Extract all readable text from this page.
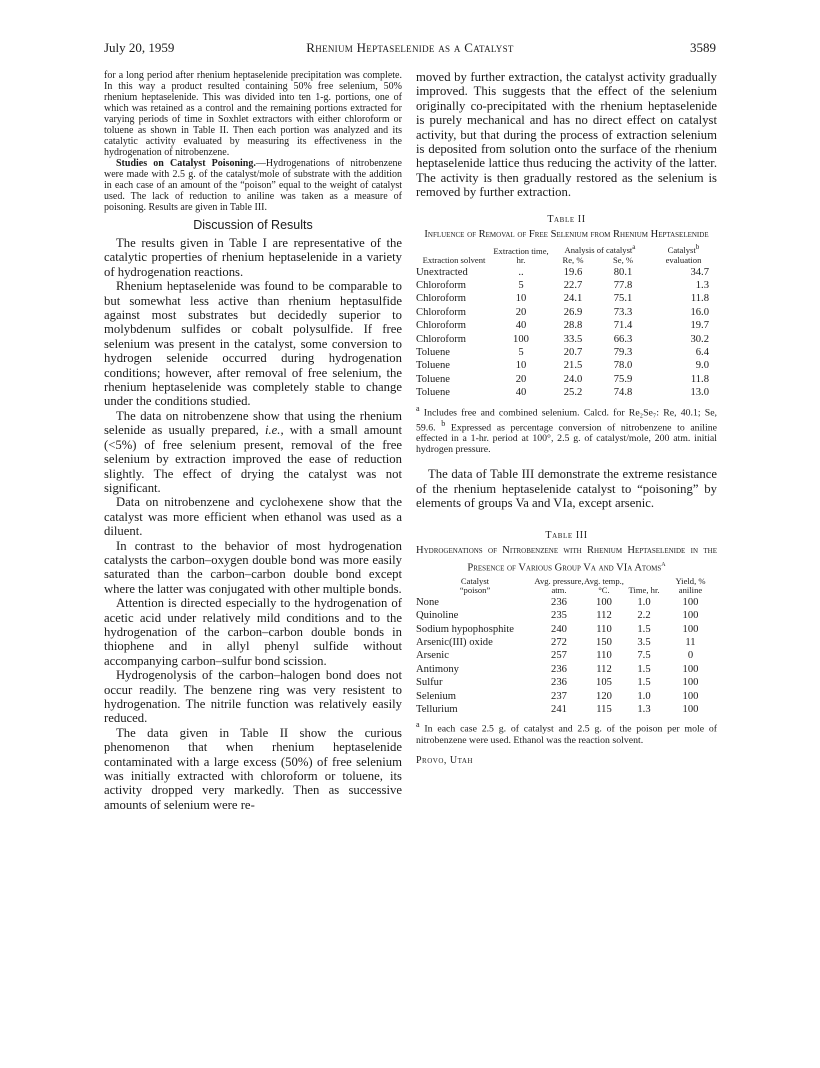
July 20, 1959	Rhenium Heptaselenide as a Catalyst	3589

for a long period after rhenium heptaselenide precipitation was complete. In this way a product resulted containing 50% free selenium, 50% rhenium heptaselenide. This was divided into ten 1-g. portions, one of which was retained as a control and the remaining portions extracted for varying periods of time in Soxhlet extractors with either chloroform or toluene as shown in Table II. Then each portion was analyzed and its catalytic activity evaluated by measuring its effectiveness in the hydrogenation of nitrobenzene.

Studies on Catalyst Poisoning.—Hydrogenations of nitrobenzene were made with 2.5 g. of the catalyst/mole of substrate with the addition in each case of an amount of the “poison” equal to the weight of catalyst used. The lack of reduction to aniline was taken as a measure of poisoning. Results are given in Table III.

Discussion of Results

The results given in Table I are representative of the catalytic properties of rhenium heptaselenide in a variety of hydrogenation reactions.

Rhenium heptaselenide was found to be comparable to but somewhat less active than rhenium heptasulfide against most substrates but decidedly superior to molybdenum sulfides or cobalt polysulfide. If free selenium was present in the catalyst, some conversion to hydrogen selenide occurred during hydrogenation conditions; however, after removal of free selenium, the rhenium heptaselenide was completely stable to change under the conditions studied.

The data on nitrobenzene show that using the rhenium selenide as usually prepared, i.e., with a small amount (<5%) of free selenium present, removal of the free selenium by extraction improved the ease of reduction slightly. The effect of drying the catalyst was not significant.

Data on nitrobenzene and cyclohexene show that the catalyst was more efficient when ethanol was used as a diluent.

In contrast to the behavior of most hydrogenation catalysts the carbon–oxygen double bond was more easily saturated than the carbon–carbon double bond except where the latter was conjugated with other multiple bonds.

Attention is directed especially to the hydrogenation of acetic acid under relatively mild conditions and to the hydrogenation of the carbon–carbon double bonds in thiophene and in allyl phenyl sulfide without accompanying carbon–sulfur bond scission.

Hydrogenolysis of the carbon–halogen bond does not occur readily. The benzene ring was very resistent to hydrogenation. The nitrile function was relatively easily reduced.

The data given in Table II show the curious phenomenon that when rhenium heptaselenide contaminated with a large excess (50%) of free selenium was initially extracted with chloroform or toluene, its activity dropped very markedly. Then as successive amounts of selenium were re-

moved by further extraction, the catalyst activity gradually improved. This suggests that the effect of the selenium originally co-precipitated with the rhenium heptaselenide is purely mechanical and has no direct effect on catalyst activity, but that during the process of extraction selenium is deposited from solution onto the surface of the rhenium heptaselenide lattice thus reducing the activity of the latter. The activity is then gradually restored as the selenium is removed by further extraction.

Table II
Influence of Removal of Free Selenium from Rhenium Heptaselenide
Extraction solvent	Extraction time, hr.	Analysis of catalyst$^a$		Catalyst$^b$
		Re, %	Se, %	evaluation
Unextracted	..	19.6	80.1	34.7
Chloroform	5	22.7	77.8	1.3
Chloroform	10	24.1	75.1	11.8
Chloroform	20	26.9	73.3	16.0
Chloroform	40	28.8	71.4	19.7
Chloroform	100	33.5	66.3	30.2
Toluene	5	20.7	79.3	6.4
Toluene	10	21.5	78.0	9.0
Toluene	20	24.0	75.9	11.8
Toluene	40	25.2	74.8	13.0
$^a$ Includes free and combined selenium. Calcd. for Re₂Se₇: Re, 40.1; Se, 59.6. $^b$ Expressed as percentage conversion of nitrobenzene to aniline effected in a 1-hr. period at 100°, 2.5 g. of catalyst/mole, 200 atm. initial hydrogen pressure.

The data of Table III demonstrate the extreme resistance of the rhenium heptaselenide catalyst to “poisoning” by elements of groups Va and VIa, except arsenic.

Table III
Hydrogenations of Nitrobenzene with Rhenium Heptaselenide in the Presence of Various Group Va and VIa Atoms$^a$
Catalyst
“poison”	Avg. pressure, atm.	Avg. temp., °C.	Time, hr.	Yield, % aniline
None	236	100	1.0	100
Quinoline	235	112	2.2	100
Sodium hypophosphite	240	110	1.5	100
Arsenic(III) oxide	272	150	3.5	11
Arsenic	257	110	7.5	0
Antimony	236	112	1.5	100
Sulfur	236	105	1.5	100
Selenium	237	120	1.0	100
Tellurium	241	115	1.3	100
$^a$ In each case 2.5 g. of catalyst and 2.5 g. of the poison per mole of nitrobenzene were used. Ethanol was the reaction solvent.
Provo, Utah
